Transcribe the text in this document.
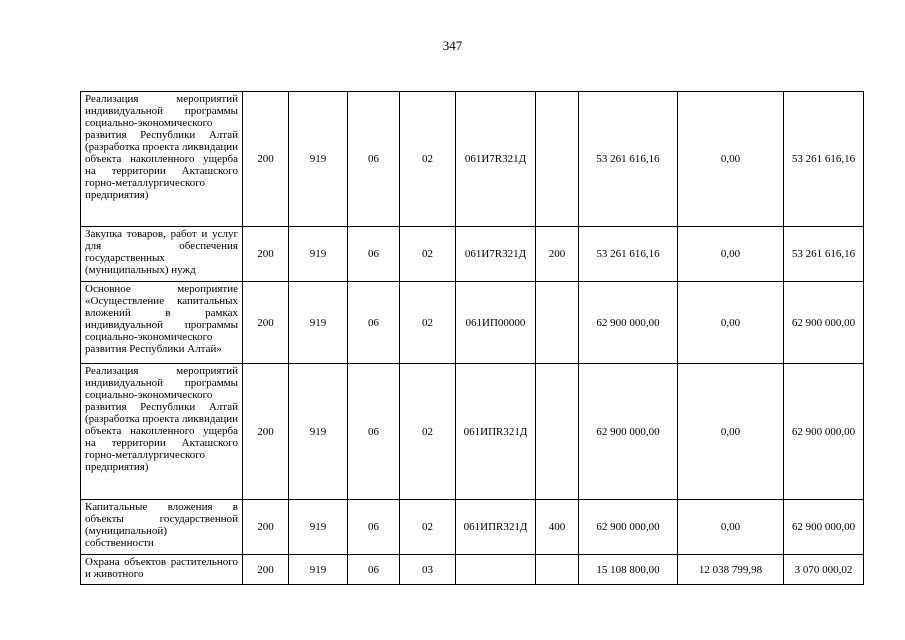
347
Реализация мероприятий индивидуальной программы социально-экономического развития Республики Алтай (разработка проекта ликвидации объекта накопленного ущерба на территории Акташского горно-металлургического предприятия)	200	919	06	02	061И7R321Д		53 261 616,16	0,00	53 261 616,16
Закупка товаров, работ и услуг для обеспечения государственных (муниципальных) нужд	200	919	06	02	061И7R321Д	200	53 261 616,16	0,00	53 261 616,16
Основное мероприятие «Осуществление капитальных вложений в рамках индивидуальной программы социально-экономического развития Республики Алтай»	200	919	06	02	061ИП00000		62 900 000,00	0,00	62 900 000,00
Реализация мероприятий индивидуальной программы социально-экономического развития Республики Алтай (разработка проекта ликвидации объекта накопленного ущерба на территории Акташского горно-металлургического предприятия)	200	919	06	02	061ИПR321Д		62 900 000,00	0,00	62 900 000,00
Капитальные вложения в объекты государственной (муниципальной) собственности	200	919	06	02	061ИПR321Д	400	62 900 000,00	0,00	62 900 000,00

Охрана объектов растительного и животного	200	919	06	03			15 108 800,00	12 038 799,98	3 070 000,02
